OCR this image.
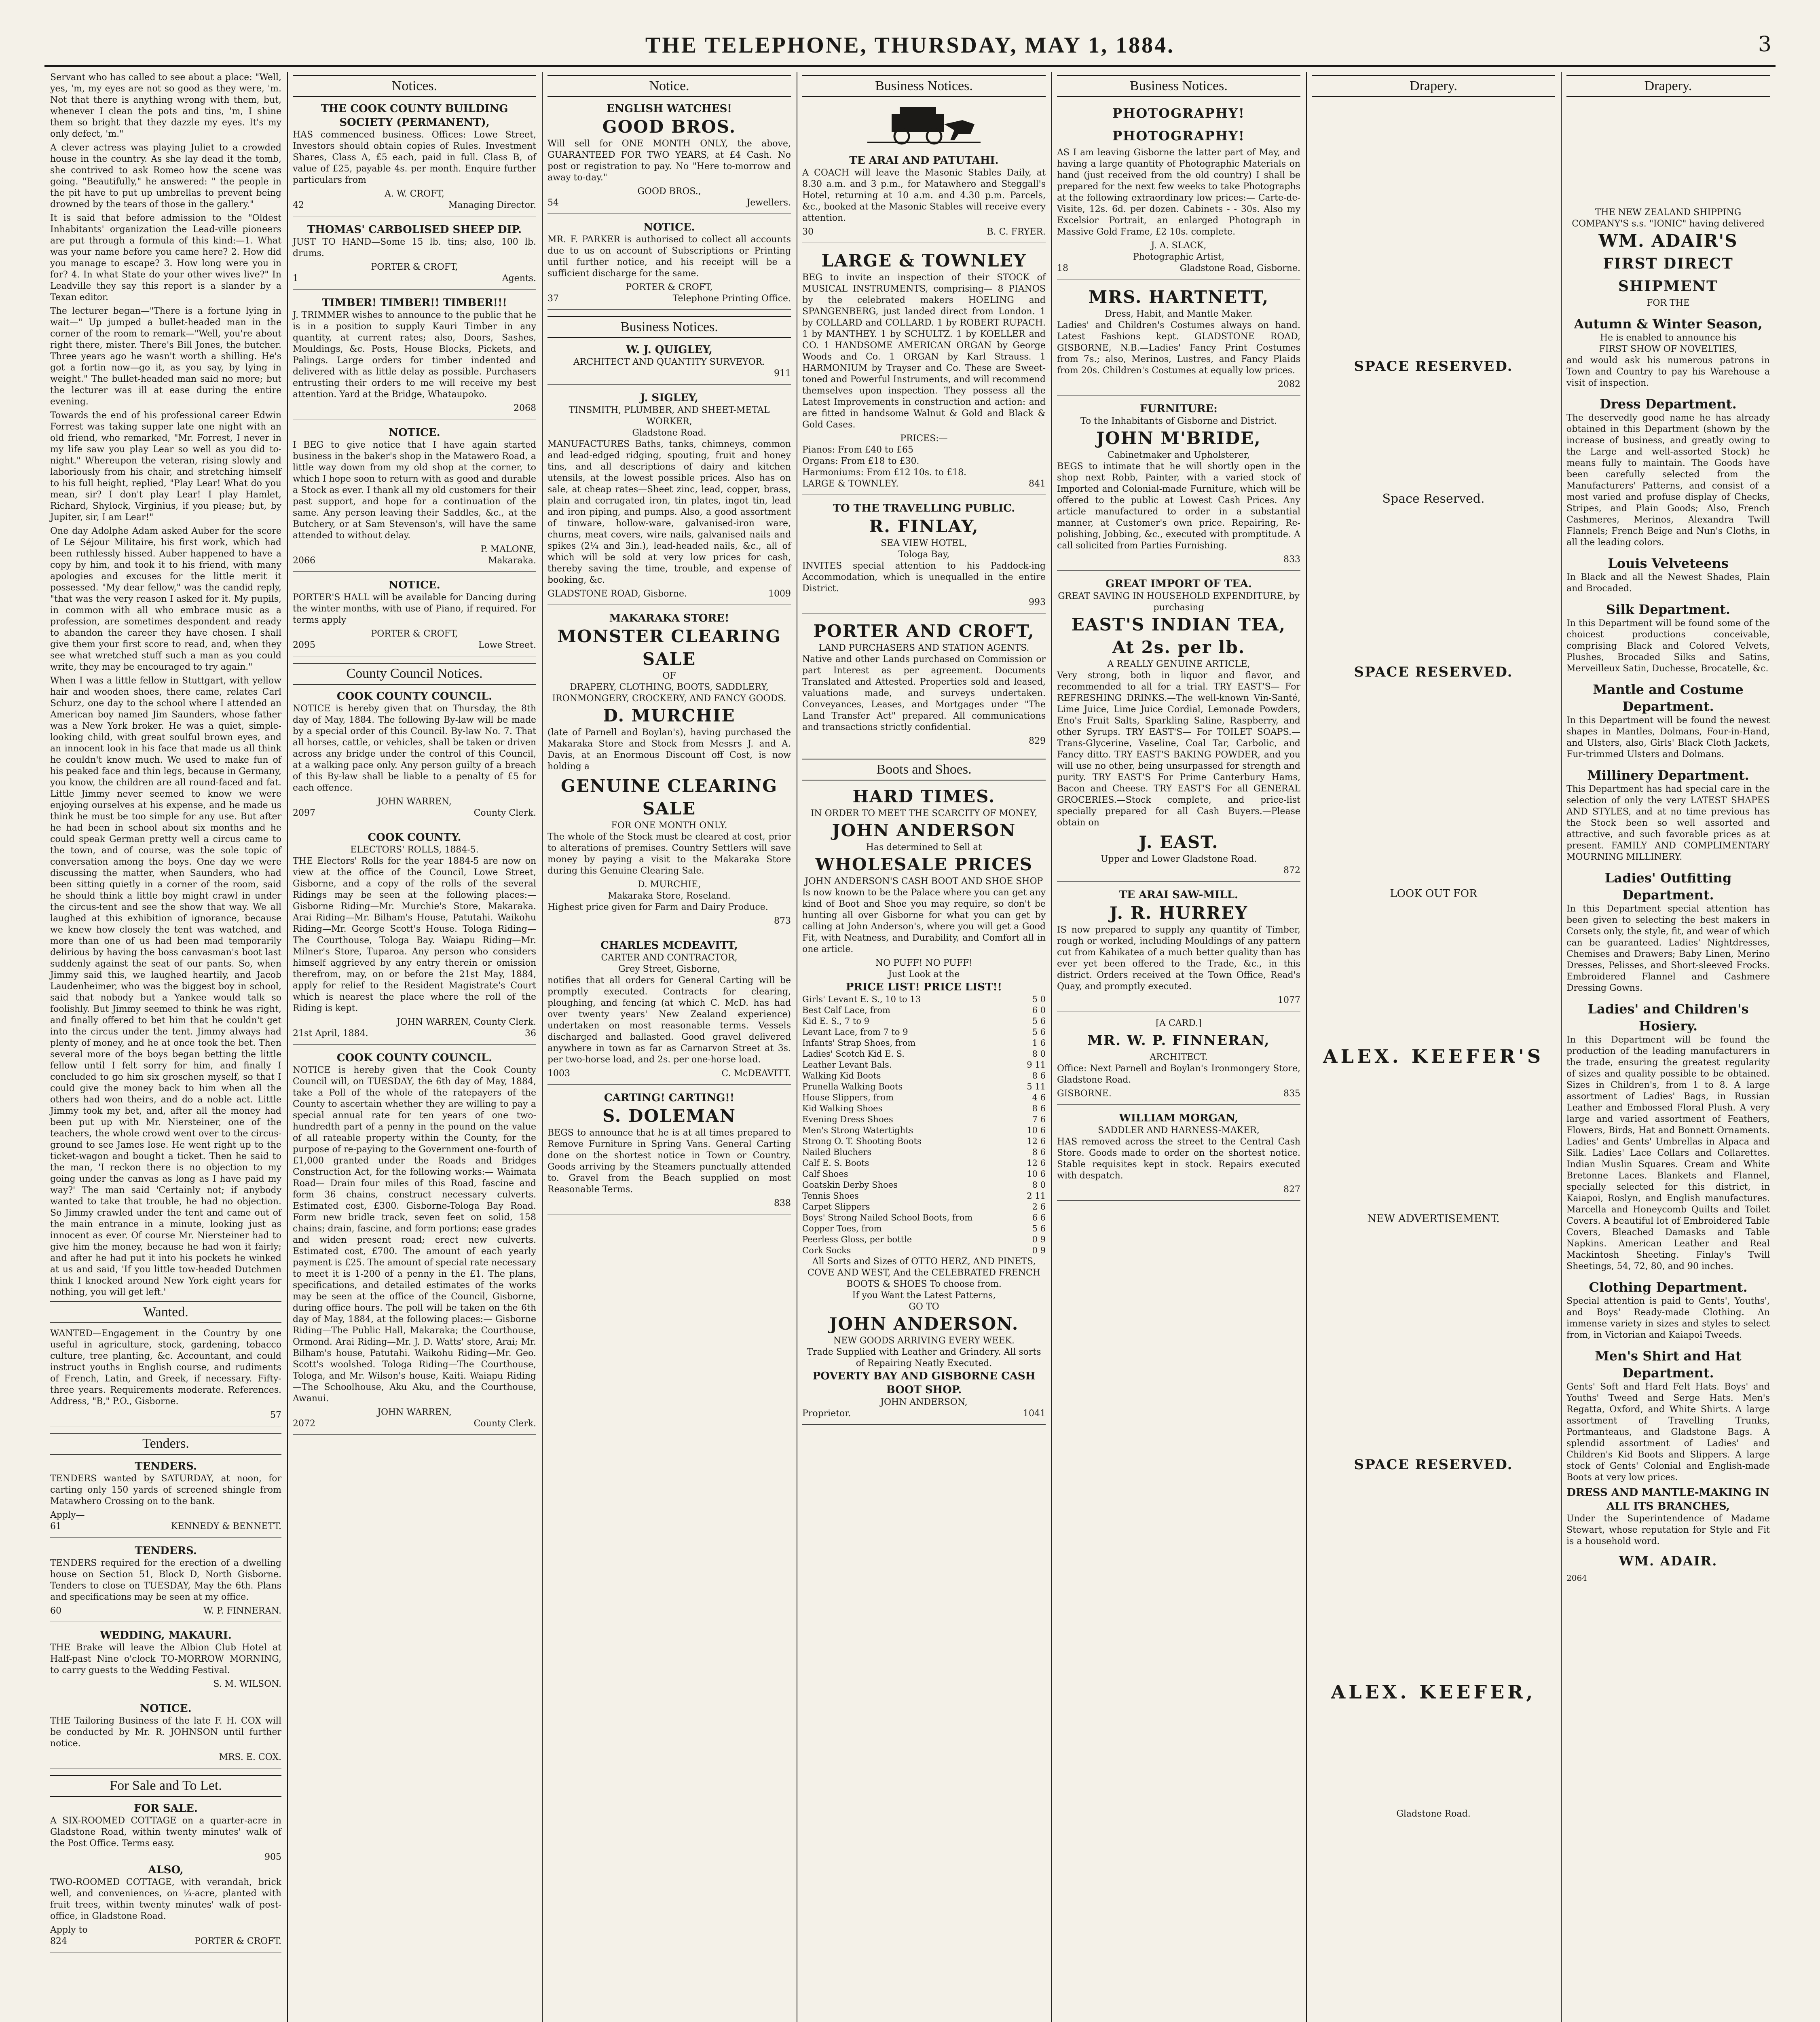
THE TELEPHONE, THURSDAY, MAY 1, 1884.	3

Servant who has called to see about a place: "Well, yes, 'm, my eyes are not so good as they were, 'm. Not that there is anything wrong with them, but, whenever I clean the pots and tins, 'm, I shine them so bright that they dazzle my eyes. It's my only defect, 'm."

A clever actress was playing Juliet to a crowded house in the country. As she lay dead it the tomb, she contrived to ask Romeo how the scene was going. "Beautifully," he answered: " the people in the pit have to put up umbrellas to prevent being drowned by the tears of those in the gallery."

It is said that before admission to the "Oldest Inhabitants' organization the Lead-ville pioneers are put through a formula of this kind:—1. What was your name before you came here? 2. How did you manage to escape? 3. How long were you in for? 4. In what State do your other wives live?" In Leadville they say this report is a slander by a Texan editor.

The lecturer began—"There is a fortune lying in wait—" Up jumped a bullet-headed man in the corner of the room to remark—"Well, you're about right there, mister. There's Bill Jones, the butcher. Three years ago he wasn't worth a shilling. He's got a fortin now—go it, as you say, by lying in weight." The bullet-headed man said no more; but the lecturer was ill at ease during the entire evening.

Towards the end of his professional career Edwin Forrest was taking supper late one night with an old friend, who remarked, "Mr. Forrest, I never in my life saw you play Lear so well as you did to-night." Whereupon the veteran, rising slowly and laboriously from his chair, and stretching himself to his full height, replied, "Play Lear! What do you mean, sir? I don't play Lear! I play Hamlet, Richard, Shylock, Virginius, if you please; but, by Jupiter, sir, I am Lear!"

One day Adolphe Adam asked Auber for the score of Le Séjour Militaire, his first work, which had been ruthlessly hissed. Auber happened to have a copy by him, and took it to his friend, with many apologies and excuses for the little merit it possessed. "My dear fellow," was the candid reply, "that was the very reason I asked for it. My pupils, in common with all who embrace music as a profession, are sometimes despondent and ready to abandon the career they have chosen. I shall give them your first score to read, and, when they see what wretched stuff such a man as you could write, they may be encouraged to try again."

When I was a little fellow in Stuttgart, with yellow hair and wooden shoes, there came, relates Carl Schurz, one day to the school where I attended an American boy named Jim Saunders, whose father was a New York broker. He was a quiet, simple-looking child, with great soulful brown eyes, and an innocent look in his face that made us all think he couldn't know much. We used to make fun of his peaked face and thin legs, because in Germany, you know, the children are all round-faced and fat. Little Jimmy never seemed to know we were enjoying ourselves at his expense, and he made us think he must be too simple for any use. But after he had been in school about six months and he could speak German pretty well a circus came to the town, and of course, was the sole topic of conversation among the boys. One day we were discussing the matter, when Saunders, who had been sitting quietly in a corner of the room, said he should think a little boy might crawl in under the circus-tent and see the show that way. We all laughed at this exhibition of ignorance, because we knew how closely the tent was watched, and more than one of us had been mad temporarily delirious by having the boss canvasman's boot last suddenly against the seat of our pants. So, when Jimmy said this, we laughed heartily, and Jacob Laudenheimer, who was the biggest boy in school, said that nobody but a Yankee would talk so foolishly. But Jimmy seemed to think he was right, and finally offered to bet him that he couldn't get into the circus under the tent. Jimmy always had plenty of money, and he at once took the bet. Then several more of the boys began betting the little fellow until I felt sorry for him, and finally I concluded to go him six groschen myself, so that I could give the money back to him when all the others had won theirs, and do a noble act. Little Jimmy took my bet, and, after all the money had been put up with Mr. Niersteiner, one of the teachers, the whole crowd went over to the circus-ground to see James lose. He went right up to the ticket-wagon and bought a ticket. Then he said to the man, 'I reckon there is no objection to my going under the canvas as long as I have paid my way?' The man said 'Certainly not; if anybody wanted to take that trouble, he had no objection. So Jimmy crawled under the tent and came out of the main entrance in a minute, looking just as innocent as ever. Of course Mr. Niersteiner had to give him the money, because he had won it fairly; and after he had put it into his pockets he winked at us and said, 'If you little tow-headed Dutchmen think I knocked around New York eight years for nothing, you will get left.'

Wanted.

WANTED—Engagement in the Country by one useful in agriculture, stock, gardening, tobacco culture, tree planting, &c. Accountant, and could instruct youths in English course, and rudiments of French, Latin, and Greek, if necessary. Fifty-three years. Requirements moderate. References. Address, "B," P.O., Gisborne.

57
Tenders.
TENDERS.

TENDERS wanted by SATURDAY, at noon, for carting only 150 yards of screened shingle from Matawhero Crossing on to the bank.

Apply—
61	KENNEDY & BENNETT.
TENDERS.

TENDERS required for the erection of a dwelling house on Section 51, Block D, North Gisborne. Tenders to close on TUESDAY, May the 6th. Plans and specifications may be seen at my office.

60	W. P. FINNERAN.
WEDDING, MAKAURI.

THE Brake will leave the Albion Club Hotel at Half-past Nine o'clock TO-MORROW MORNING, to carry guests to the Wedding Festival.

S. M. WILSON.
NOTICE.

THE Tailoring Business of the late F. H. COX will be conducted by Mr. R. JOHNSON until further notice.

MRS. E. COX.
For Sale and To Let.
FOR SALE.

A SIX-ROOMED COTTAGE on a quarter-acre in Gladstone Road, within twenty minutes' walk of the Post Office. Terms easy.

905
ALSO,

TWO-ROOMED COTTAGE, with verandah, brick well, and conveniences, on ¼-acre, planted with fruit trees, within twenty minutes' walk of post-office, in Gladstone Road.

Apply to
824	PORTER & CROFT.
Notices.
THE COOK COUNTY BUILDING SOCIETY (PERMANENT),

HAS commenced business. Offices: Lowe Street, Investors should obtain copies of Rules. Investment Shares, Class A, £5 each, paid in full. Class B, of value of £25, payable 4s. per month. Enquire further particulars from

A. W. CROFT,
42	Managing Director.
THOMAS' CARBOLISED SHEEP DIP.

JUST TO HAND—Some 15 lb. tins; also, 100 lb. drums.

PORTER & CROFT,
1	Agents.
TIMBER! TIMBER!! TIMBER!!!

J. TRIMMER wishes to announce to the public that he is in a position to supply Kauri Timber in any quantity, at current rates; also, Doors, Sashes, Mouldings, &c. Posts, House Blocks, Pickets, and Palings. Large orders for timber indented and delivered with as little delay as possible. Purchasers entrusting their orders to me will receive my best attention. Yard at the Bridge, Whataupoko.

2068
NOTICE.

I BEG to give notice that I have again started business in the baker's shop in the Matawero Road, a little way down from my old shop at the corner, to which I hope soon to return with as good and durable a Stock as ever. I thank all my old customers for their past support, and hope for a continuation of the same. Any person leaving their Saddles, &c., at the Butchery, or at Sam Stevenson's, will have the same attended to without delay.

P. MALONE,
2066	Makaraka.
NOTICE.

PORTER'S HALL will be available for Dancing during the winter months, with use of Piano, if required. For terms apply

PORTER & CROFT,
2095	Lowe Street.
County Council Notices.
COOK COUNTY COUNCIL.

NOTICE is hereby given that on Thursday, the 8th day of May, 1884. The following By-law will be made by a special order of this Council. By-law No. 7. That all horses, cattle, or vehicles, shall be taken or driven across any bridge under the control of this Council, at a walking pace only. Any person guilty of a breach of this By-law shall be liable to a penalty of £5 for each offence.

JOHN WARREN,
2097	County Clerk.
COOK COUNTY.
ELECTORS' ROLLS, 1884-5.

THE Electors' Rolls for the year 1884-5 are now on view at the office of the Council, Lowe Street, Gisborne, and a copy of the rolls of the several Ridings may be seen at the following places:— Gisborne Riding—Mr. Murchie's Store, Makaraka. Arai Riding—Mr. Bilham's House, Patutahi. Waikohu Riding—Mr. George Scott's House. Tologa Riding—The Courthouse, Tologa Bay. Waiapu Riding—Mr. Milner's Store, Tuparoa. Any person who considers himself aggrieved by any entry therein or omission therefrom, may, on or before the 21st May, 1884, apply for relief to the Resident Magistrate's Court which is nearest the place where the roll of the Riding is kept.

JOHN WARREN, County Clerk.
21st April, 1884.	36
COOK COUNTY COUNCIL.

NOTICE is hereby given that the Cook County Council will, on TUESDAY, the 6th day of May, 1884, take a Poll of the whole of the ratepayers of the County to ascertain whether they are willing to pay a special annual rate for ten years of one two-hundredth part of a penny in the pound on the value of all rateable property within the County, for the purpose of re-paying to the Government one-fourth of £1,000 granted under the Roads and Bridges Construction Act, for the following works:— Waimata Road— Drain four miles of this Road, fascine and form 36 chains, construct necessary culverts. Estimated cost, £300. Gisborne-Tologa Bay Road. Form new bridle track, seven feet on solid, 158 chains; drain, fascine, and form portions; ease grades and widen present road; erect new culverts. Estimated cost, £700. The amount of each yearly payment is £25. The amount of special rate necessary to meet it is 1-200 of a penny in the £1. The plans, specifications, and detailed estimates of the works may be seen at the office of the Council, Gisborne, during office hours. The poll will be taken on the 6th day of May, 1884, at the following places:— Gisborne Riding—The Public Hall, Makaraka; the Courthouse, Ormond. Arai Riding—Mr. J. D. Watts' store, Arai; Mr. Bilham's house, Patutahi. Waikohu Riding—Mr. Geo. Scott's woolshed. Tologa Riding—The Courthouse, Tologa, and Mr. Wilson's house, Kaiti. Waiapu Riding—The Schoolhouse, Aku Aku, and the Courthouse, Awanui.

JOHN WARREN,
2072	County Clerk.
Notice.
ENGLISH WATCHES!
GOOD BROS.

Will sell for ONE MONTH ONLY, the above, GUARANTEED FOR TWO YEARS, at £4 Cash. No post or registration to pay. No "Here to-morrow and away to-day."

GOOD BROS.,
54	Jewellers.
NOTICE.

MR. F. PARKER is authorised to collect all accounts due to us on account of Subscriptions or Printing until further notice, and his receipt will be a sufficient discharge for the same.

PORTER & CROFT,
37	Telephone Printing Office.
Business Notices.
W. J. QUIGLEY,
ARCHITECT AND QUANTITY SURVEYOR.
911
J. SIGLEY,
TINSMITH, PLUMBER, AND SHEET-METAL WORKER,
Gladstone Road.

MANUFACTURES Baths, tanks, chimneys, common and lead-edged ridging, spouting, fruit and honey tins, and all descriptions of dairy and kitchen utensils, at the lowest possible prices. Also has on sale, at cheap rates—Sheet zinc, lead, copper, brass, plain and corrugated iron, tin plates, ingot tin, lead and iron piping, and pumps. Also, a good assortment of tinware, hollow-ware, galvanised-iron ware, churns, meat covers, wire nails, galvanised nails and spikes (2¼ and 3in.), lead-headed nails, &c., all of which will be sold at very low prices for cash, thereby saving the time, trouble, and expense of booking, &c.

GLADSTONE ROAD, Gisborne.	1009
MAKARAKA STORE!
MONSTER CLEARING SALE
OF
DRAPERY, CLOTHING, BOOTS, SADDLERY, IRONMONGERY, CROCKERY, AND FANCY GOODS.
D. MURCHIE

(late of Parnell and Boylan's), having purchased the Makaraka Store and Stock from Messrs J. and A. Davis, at an Enormous Discount off Cost, is now holding a

GENUINE CLEARING SALE
FOR ONE MONTH ONLY.

The whole of the Stock must be cleared at cost, prior to alterations of premises. Country Settlers will save money by paying a visit to the Makaraka Store during this Genuine Clearing Sale.

D. MURCHIE,
Makaraka Store, Roseland.

Highest price given for Farm and Dairy Produce.

873
CHARLES MCDEAVITT,
CARTER AND CONTRACTOR,
Grey Street, Gisborne,

notifies that all orders for General Carting will be promptly executed. Contracts for clearing, ploughing, and fencing (at which C. McD. has had over twenty years' New Zealand experience) undertaken on most reasonable terms. Vessels discharged and ballasted. Good gravel delivered anywhere in town as far as Carnarvon Street at 3s. per two-horse load, and 2s. per one-horse load.

1003	C. McDEAVITT.
CARTING! CARTING!!
S. DOLEMAN

BEGS to announce that he is at all times prepared to Remove Furniture in Spring Vans. General Carting done on the shortest notice in Town or Country. Goods arriving by the Steamers punctually attended to. Gravel from the Beach supplied on most Reasonable Terms.

838
Business Notices.
TE ARAI AND PATUTAHI.

A COACH will leave the Masonic Stables Daily, at 8.30 a.m. and 3 p.m., for Matawhero and Steggall's Hotel, returning at 10 a.m. and 4.30 p.m. Parcels, &c., booked at the Masonic Stables will receive every attention.

30	B. C. FRYER.
LARGE & TOWNLEY

BEG to invite an inspection of their STOCK of MUSICAL INSTRUMENTS, comprising— 8 PIANOS by the celebrated makers HOELING and SPANGENBERG, just landed direct from London. 1 by COLLARD and COLLARD. 1 by ROBERT RUPACH. 1 by MANTHEY. 1 by SCHULTZ. 1 by KOELLER and CO. 1 HANDSOME AMERICAN ORGAN by George Woods and Co. 1 ORGAN by Karl Strauss. 1 HARMONIUM by Trayser and Co. These are Sweet-toned and Powerful Instruments, and will recommend themselves upon inspection. They possess all the Latest Improvements in construction and action: and are fitted in handsome Walnut & Gold and Black & Gold Cases.

PRICES:—
Pianos: From £40 to £65
Organs: From £18 to £30.
Harmoniums: From £12 10s. to £18.
LARGE & TOWNLEY.	841
TO THE TRAVELLING PUBLIC.
R. FINLAY,
SEA VIEW HOTEL,
Tologa Bay,

INVITES special attention to his Paddock-ing Accommodation, which is unequalled in the entire District.

993
PORTER AND CROFT,
LAND PURCHASERS AND STATION AGENTS.

Native and other Lands purchased on Commission or part Interest as per agreement. Documents Translated and Attested. Properties sold and leased, valuations made, and surveys undertaken. Conveyances, Leases, and Mortgages under "The Land Transfer Act" prepared. All communications and transactions strictly confidential.

829
Boots and Shoes.
HARD TIMES.
IN ORDER TO MEET THE SCARCITY OF MONEY,
JOHN ANDERSON
Has determined to Sell at
WHOLESALE PRICES
JOHN ANDERSON'S CASH BOOT AND SHOE SHOP

Is now known to be the Palace where you can get any kind of Boot and Shoe you may require, so don't be hunting all over Gisborne for what you can get by calling at John Anderson's, where you will get a Good Fit, with Neatness, and Durability, and Comfort all in one article.

NO PUFF! NO PUFF!
Just Look at the
PRICE LIST! PRICE LIST!!
Girls' Levant E. S., 10 to 13	5 0
Best Calf Lace, from	6 0
Kid E. S., 7 to 9	5 6
Levant Lace, from 7 to 9	5 6
Infants' Strap Shoes, from	1 6
Ladies' Scotch Kid E. S.	8 0
Leather Levant Bals.	9 11
Walking Kid Boots	8 6
Prunella Walking Boots	5 11
House Slippers, from	4 6
Kid Walking Shoes	8 6
Evening Dress Shoes	7 6
Men's Strong Watertights	10 6
Strong O. T. Shooting Boots	12 6
Nailed Bluchers	8 6
Calf E. S. Boots	12 6
Calf Shoes	10 6
Goatskin Derby Shoes	8 0
Tennis Shoes	2 11
Carpet Slippers	2 6
Boys' Strong Nailed School Boots, from	6 6
Copper Toes, from	5 6
Peerless Gloss, per bottle	0 9
Cork Socks	0 9
All Sorts and Sizes of OTTO HERZ, AND PINETS, COVE AND WEST, And the CELEBRATED FRENCH BOOTS & SHOES To choose from.
If you Want the Latest Patterns,
GO TO
JOHN ANDERSON.
NEW GOODS ARRIVING EVERY WEEK.
Trade Supplied with Leather and Grindery. All sorts of Repairing Neatly Executed.
POVERTY BAY AND GISBORNE CASH BOOT SHOP.
JOHN ANDERSON,
Proprietor.	1041
Business Notices.
PHOTOGRAPHY! PHOTOGRAPHY!

AS I am leaving Gisborne the latter part of May, and having a large quantity of Photographic Materials on hand (just received from the old country) I shall be prepared for the next few weeks to take Photographs at the following extraordinary low prices:— Carte-de-Visite, 12s. 6d. per dozen. Cabinets - - 30s. Also my Excelsior Portrait, an enlarged Photograph in Massive Gold Frame, £2 10s. complete.

J. A. SLACK,
Photographic Artist,
18	Gladstone Road, Gisborne.
MRS. HARTNETT,
Dress, Habit, and Mantle Maker.

Ladies' and Children's Costumes always on hand. Latest Fashions kept. GLADSTONE ROAD, GISBORNE, N.B.—Ladies' Fancy Print Costumes from 7s.; also, Merinos, Lustres, and Fancy Plaids from 20s. Children's Costumes at equally low prices.

2082
FURNITURE:
To the Inhabitants of Gisborne and District.
JOHN M'BRIDE,
Cabinetmaker and Upholsterer,

BEGS to intimate that he will shortly open in the shop next Robb, Painter, with a varied stock of Imported and Colonial-made Furniture, which will be offered to the public at Lowest Cash Prices. Any article manufactured to order in a substantial manner, at Customer's own price. Repairing, Re-polishing, Jobbing, &c., executed with promptitude. A call solicited from Parties Furnishing.

833
GREAT IMPORT OF TEA.
GREAT SAVING IN HOUSEHOLD EXPENDITURE, by purchasing
EAST'S INDIAN TEA,
At 2s. per lb.
A REALLY GENUINE ARTICLE,

Very strong, both in liquor and flavor, and recommended to all for a trial. TRY EAST'S— For REFRESHING DRINKS.—The well-known Vin-Santé, Lime Juice, Lime Juice Cordial, Lemonade Powders, Eno's Fruit Salts, Sparkling Saline, Raspberry, and other Syrups. TRY EAST'S— For TOILET SOAPS.—Trans-Glycerine, Vaseline, Coal Tar, Carbolic, and Fancy ditto. TRY EAST'S BAKING POWDER, and you will use no other, being unsurpassed for strength and purity. TRY EAST'S For Prime Canterbury Hams, Bacon and Cheese. TRY EAST'S For all GENERAL GROCERIES.—Stock complete, and price-list specially prepared for all Cash Buyers.—Please obtain on

J. EAST.
Upper and Lower Gladstone Road.
872
TE ARAI SAW-MILL.
J. R. HURREY

IS now prepared to supply any quantity of Timber, rough or worked, including Mouldings of any pattern cut from Kahikatea of a much better quality than has ever yet been offered to the Trade, &c., in this district. Orders received at the Town Office, Read's Quay, and promptly executed.

1077
[A CARD.]
MR. W. P. FINNERAN,
ARCHITECT.

Office: Next Parnell and Boylan's Ironmongery Store, Gladstone Road.

GISBORNE.	835
WILLIAM MORGAN,
SADDLER AND HARNESS-MAKER,

HAS removed across the street to the Central Cash Store. Goods made to order on the shortest notice. Stable requisites kept in stock. Repairs executed with despatch.

827
Drapery.
SPACE RESERVED.
Space Reserved.
SPACE RESERVED.
LOOK OUT FOR
ALEX. KEEFER'S
NEW ADVERTISEMENT.
SPACE RESERVED.
ALEX. KEEFER,
Gladstone Road.
Drapery.
THE NEW ZEALAND SHIPPING COMPANY'S s.s. "IONIC" having delivered
WM. ADAIR'S
FIRST DIRECT SHIPMENT
FOR THE
Autumn & Winter Season,
He is enabled to announce his
FIRST SHOW OF NOVELTIES,

and would ask his numerous patrons in Town and Country to pay his Warehouse a visit of inspection.

Dress Department.

The deservedly good name he has already obtained in this Department (shown by the increase of business, and greatly owing to the Large and well-assorted Stock) he means fully to maintain. The Goods have been carefully selected from the Manufacturers' Patterns, and consist of a most varied and profuse display of Checks, Stripes, and Plain Goods; Also, French Cashmeres, Merinos, Alexandra Twill Flannels; French Beige and Nun's Cloths, in all the leading colors.

Louis Velveteens

In Black and all the Newest Shades, Plain and Brocaded.

Silk Department.

In this Department will be found some of the choicest productions conceivable, comprising Black and Colored Velvets, Plushes, Brocaded Silks and Satins, Merveilleux Satin, Duchesse, Brocatelle, &c.

Mantle and Costume Department.

In this Department will be found the newest shapes in Mantles, Dolmans, Four-in-Hand, and Ulsters, also, Girls' Black Cloth Jackets, Fur-trimmed Ulsters and Dolmans.

Millinery Department.

This Department has had special care in the selection of only the very LATEST SHAPES AND STYLES, and at no time previous has the Stock been so well assorted and attractive, and such favorable prices as at present. FAMILY AND COMPLIMENTARY MOURNING MILLINERY.

Ladies' Outfitting Department.

In this Department special attention has been given to selecting the best makers in Corsets only, the style, fit, and wear of which can be guaranteed. Ladies' Nightdresses, Chemises and Drawers; Baby Linen, Merino Dresses, Pelisses, and Short-sleeved Frocks. Embroidered Flannel and Cashmere Dressing Gowns.

Ladies' and Children's Hosiery.

In this Department will be found the production of the leading manufacturers in the trade, ensuring the greatest regularity of sizes and quality possible to be obtained. Sizes in Children's, from 1 to 8. A large assortment of Ladies' Bags, in Russian Leather and Embossed Floral Plush. A very large and varied assortment of Feathers, Flowers, Birds, Hat and Bonnett Ornaments. Ladies' and Gents' Umbrellas in Alpaca and Silk. Ladies' Lace Collars and Collarettes. Indian Muslin Squares. Cream and White Bretonne Laces. Blankets and Flannel, specially selected for this district, in Kaiapoi, Roslyn, and English manufactures. Marcella and Honeycomb Quilts and Toilet Covers. A beautiful lot of Embroidered Table Covers, Bleached Damasks and Table Napkins. American Leather and Real Mackintosh Sheeting. Finlay's Twill Sheetings, 54, 72, 80, and 90 inches.

Clothing Department.

Special attention is paid to Gents', Youths', and Boys' Ready-made Clothing. An immense variety in sizes and styles to select from, in Victorian and Kaiapoi Tweeds.

Men's Shirt and Hat Department.

Gents' Soft and Hard Felt Hats. Boys' and Youths' Tweed and Serge Hats. Men's Regatta, Oxford, and White Shirts. A large assortment of Travelling Trunks, Portmanteaus, and Gladstone Bags. A splendid assortment of Ladies' and Children's Kid Boots and Slippers. A large stock of Gents' Colonial and English-made Boots at very low prices.

DRESS AND MANTLE-MAKING IN ALL ITS BRANCHES,

Under the Superintendence of Madame Stewart, whose reputation for Style and Fit is a household word.

WM. ADAIR.
2064
